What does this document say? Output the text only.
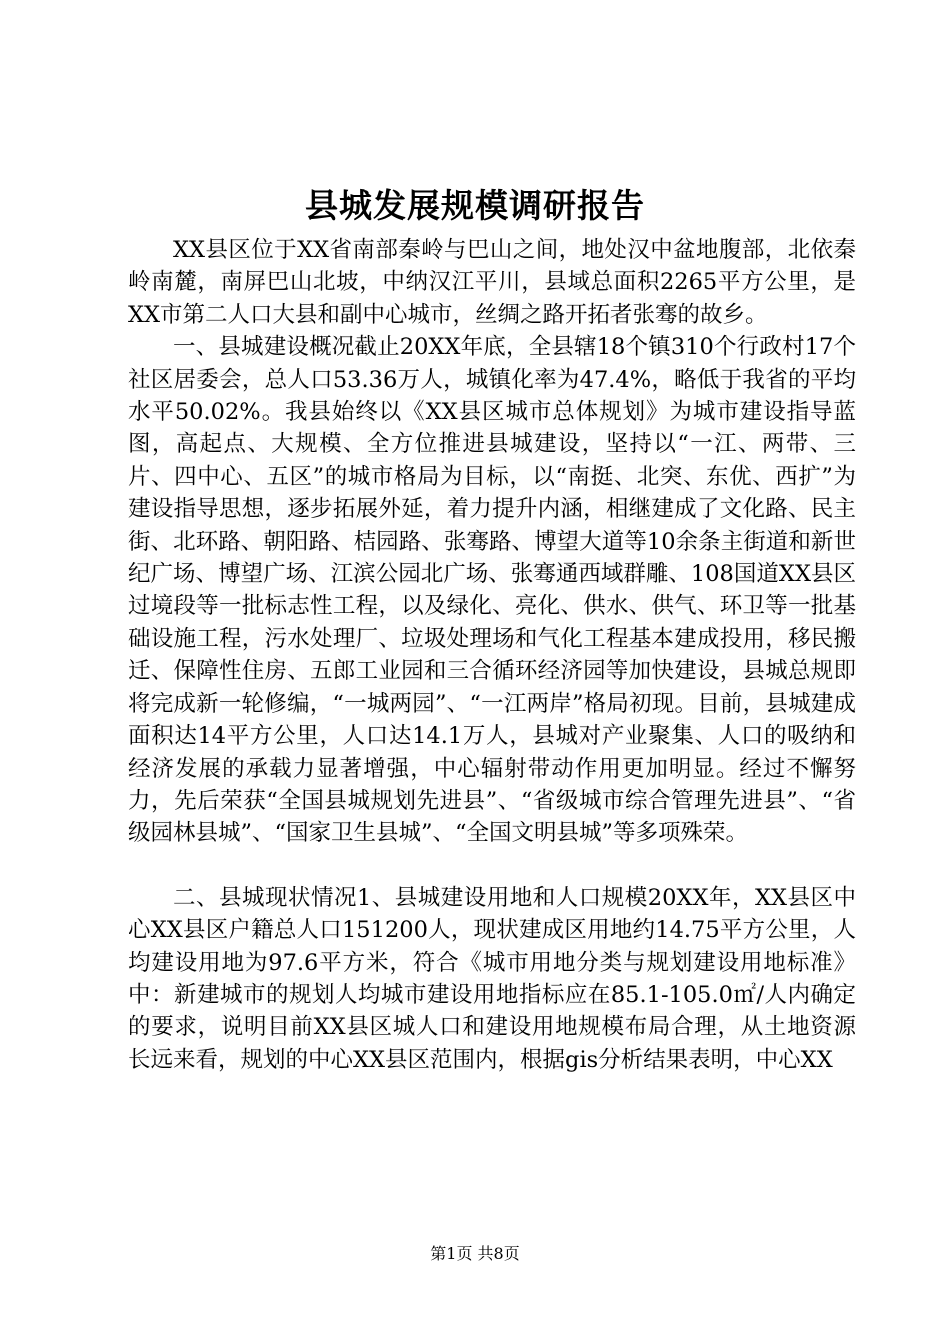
县城发展规模调研报告

XX县区位于XX省南部秦岭与巴山之间，地处汉中盆地腹部，北依秦岭南麓，南屏巴山北坡，中纳汉江平川，县域总面积2265平方公里，是XX市第二人口大县和副中心城市，丝绸之路开拓者张骞的故乡。

一、县城建设概况截止20XX年底，全县辖18个镇310个行政村17个社区居委会，总人口53.36万人，城镇化率为47.4%，略低于我省的平均水平50.02%。我县始终以《XX县区城市总体规划》为城市建设指导蓝图，高起点、大规模、全方位推进县城建设，坚持以“一江、两带、三片、四中心、五区”的城市格局为目标，以“南挺、北突、东优、西扩”为建设指导思想，逐步拓展外延，着力提升内涵，相继建成了文化路、民主街、北环路、朝阳路、桔园路、张骞路、博望大道等10余条主街道和新世纪广场、博望广场、江滨公园北广场、张骞通西域群雕、108国道XX县区过境段等一批标志性工程，以及绿化、亮化、供水、供气、环卫等一批基础设施工程，污水处理厂、垃圾处理场和气化工程基本建成投用，移民搬迁、保障性住房、五郎工业园和三合循环经济园等加快建设，县城总规即将完成新一轮修编，“一城两园”、“一江两岸”格局初现。目前，县城建成面积达14平方公里，人口达14.1万人，县城对产业聚集、人口的吸纳和经济发展的承载力显著增强，中心辐射带动作用更加明显。经过不懈努力，先后荣获“全国县城规划先进县”、“省级城市综合管理先进县”、“省级园林县城”、“国家卫生县城”、“全国文明县城”等多项殊荣。

二、县城现状情况1、县城建设用地和人口规模20XX年，XX县区中心XX县区户籍总人口151200人，现状建成区用地约14.75平方公里，人均建设用地为97.6平方米，符合《城市用地分类与规划建设用地标准》中：新建城市的规划人均城市建设用地指标应在85.1-105.0㎡/人内确定的要求，说明目前XX县区城人口和建设用地规模布局合理，从土地资源长远来看，规划的中心XX县区范围内，根据gis分析结果表明，中心XX

第1页 共8页
